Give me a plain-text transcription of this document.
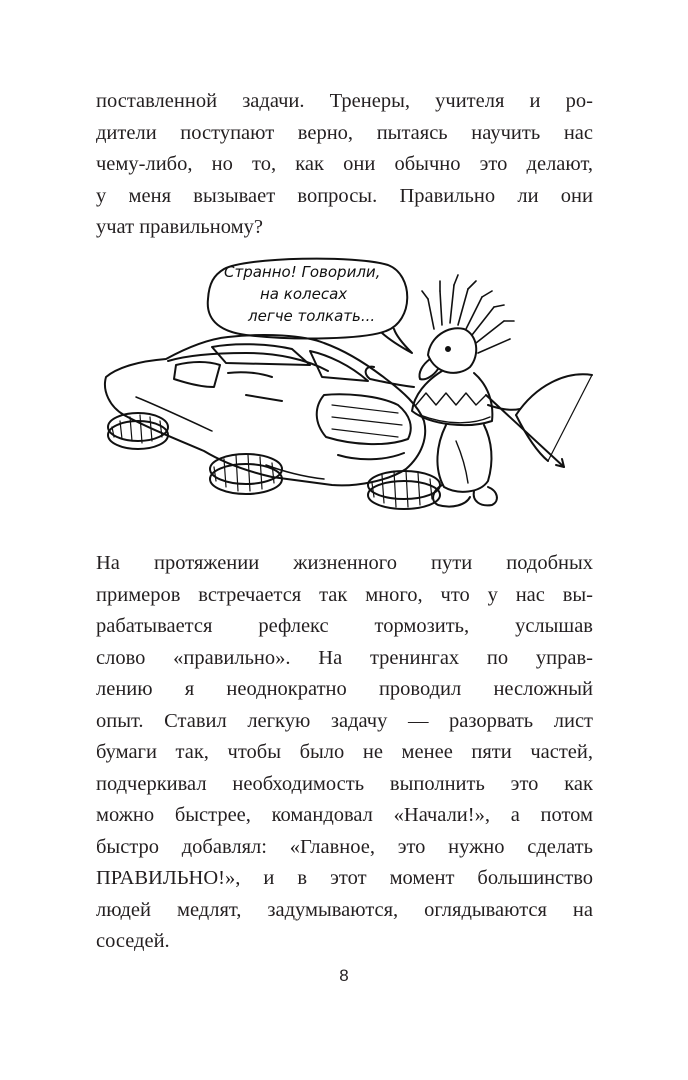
поставленной задачи. Тренеры, учителя и ро-
дители поступают верно, пытаясь научить нас
чему-либо, но то, как они обычно это делают,
у меня вызывает вопросы. Правильно ли они
учат правильному?
Странно! Говорили,
на колесах
легче толкать...
На протяжении жизненного пути подобных
примеров встречается так много, что у нас вы-
рабатывается рефлекс тормозить, услышав
слово «правильно». На тренингах по управ-
лению я неоднократно проводил несложный
опыт. Ставил легкую задачу — разорвать лист
бумаги так, чтобы было не менее пяти частей,
подчеркивал необходимость выполнить это как
можно быстрее, командовал «Начали!», а потом
быстро добавлял: «Главное, это нужно сделать
ПРАВИЛЬНО!», и в этот момент большинство
людей медлят, задумываются, оглядываются на
соседей.
8
